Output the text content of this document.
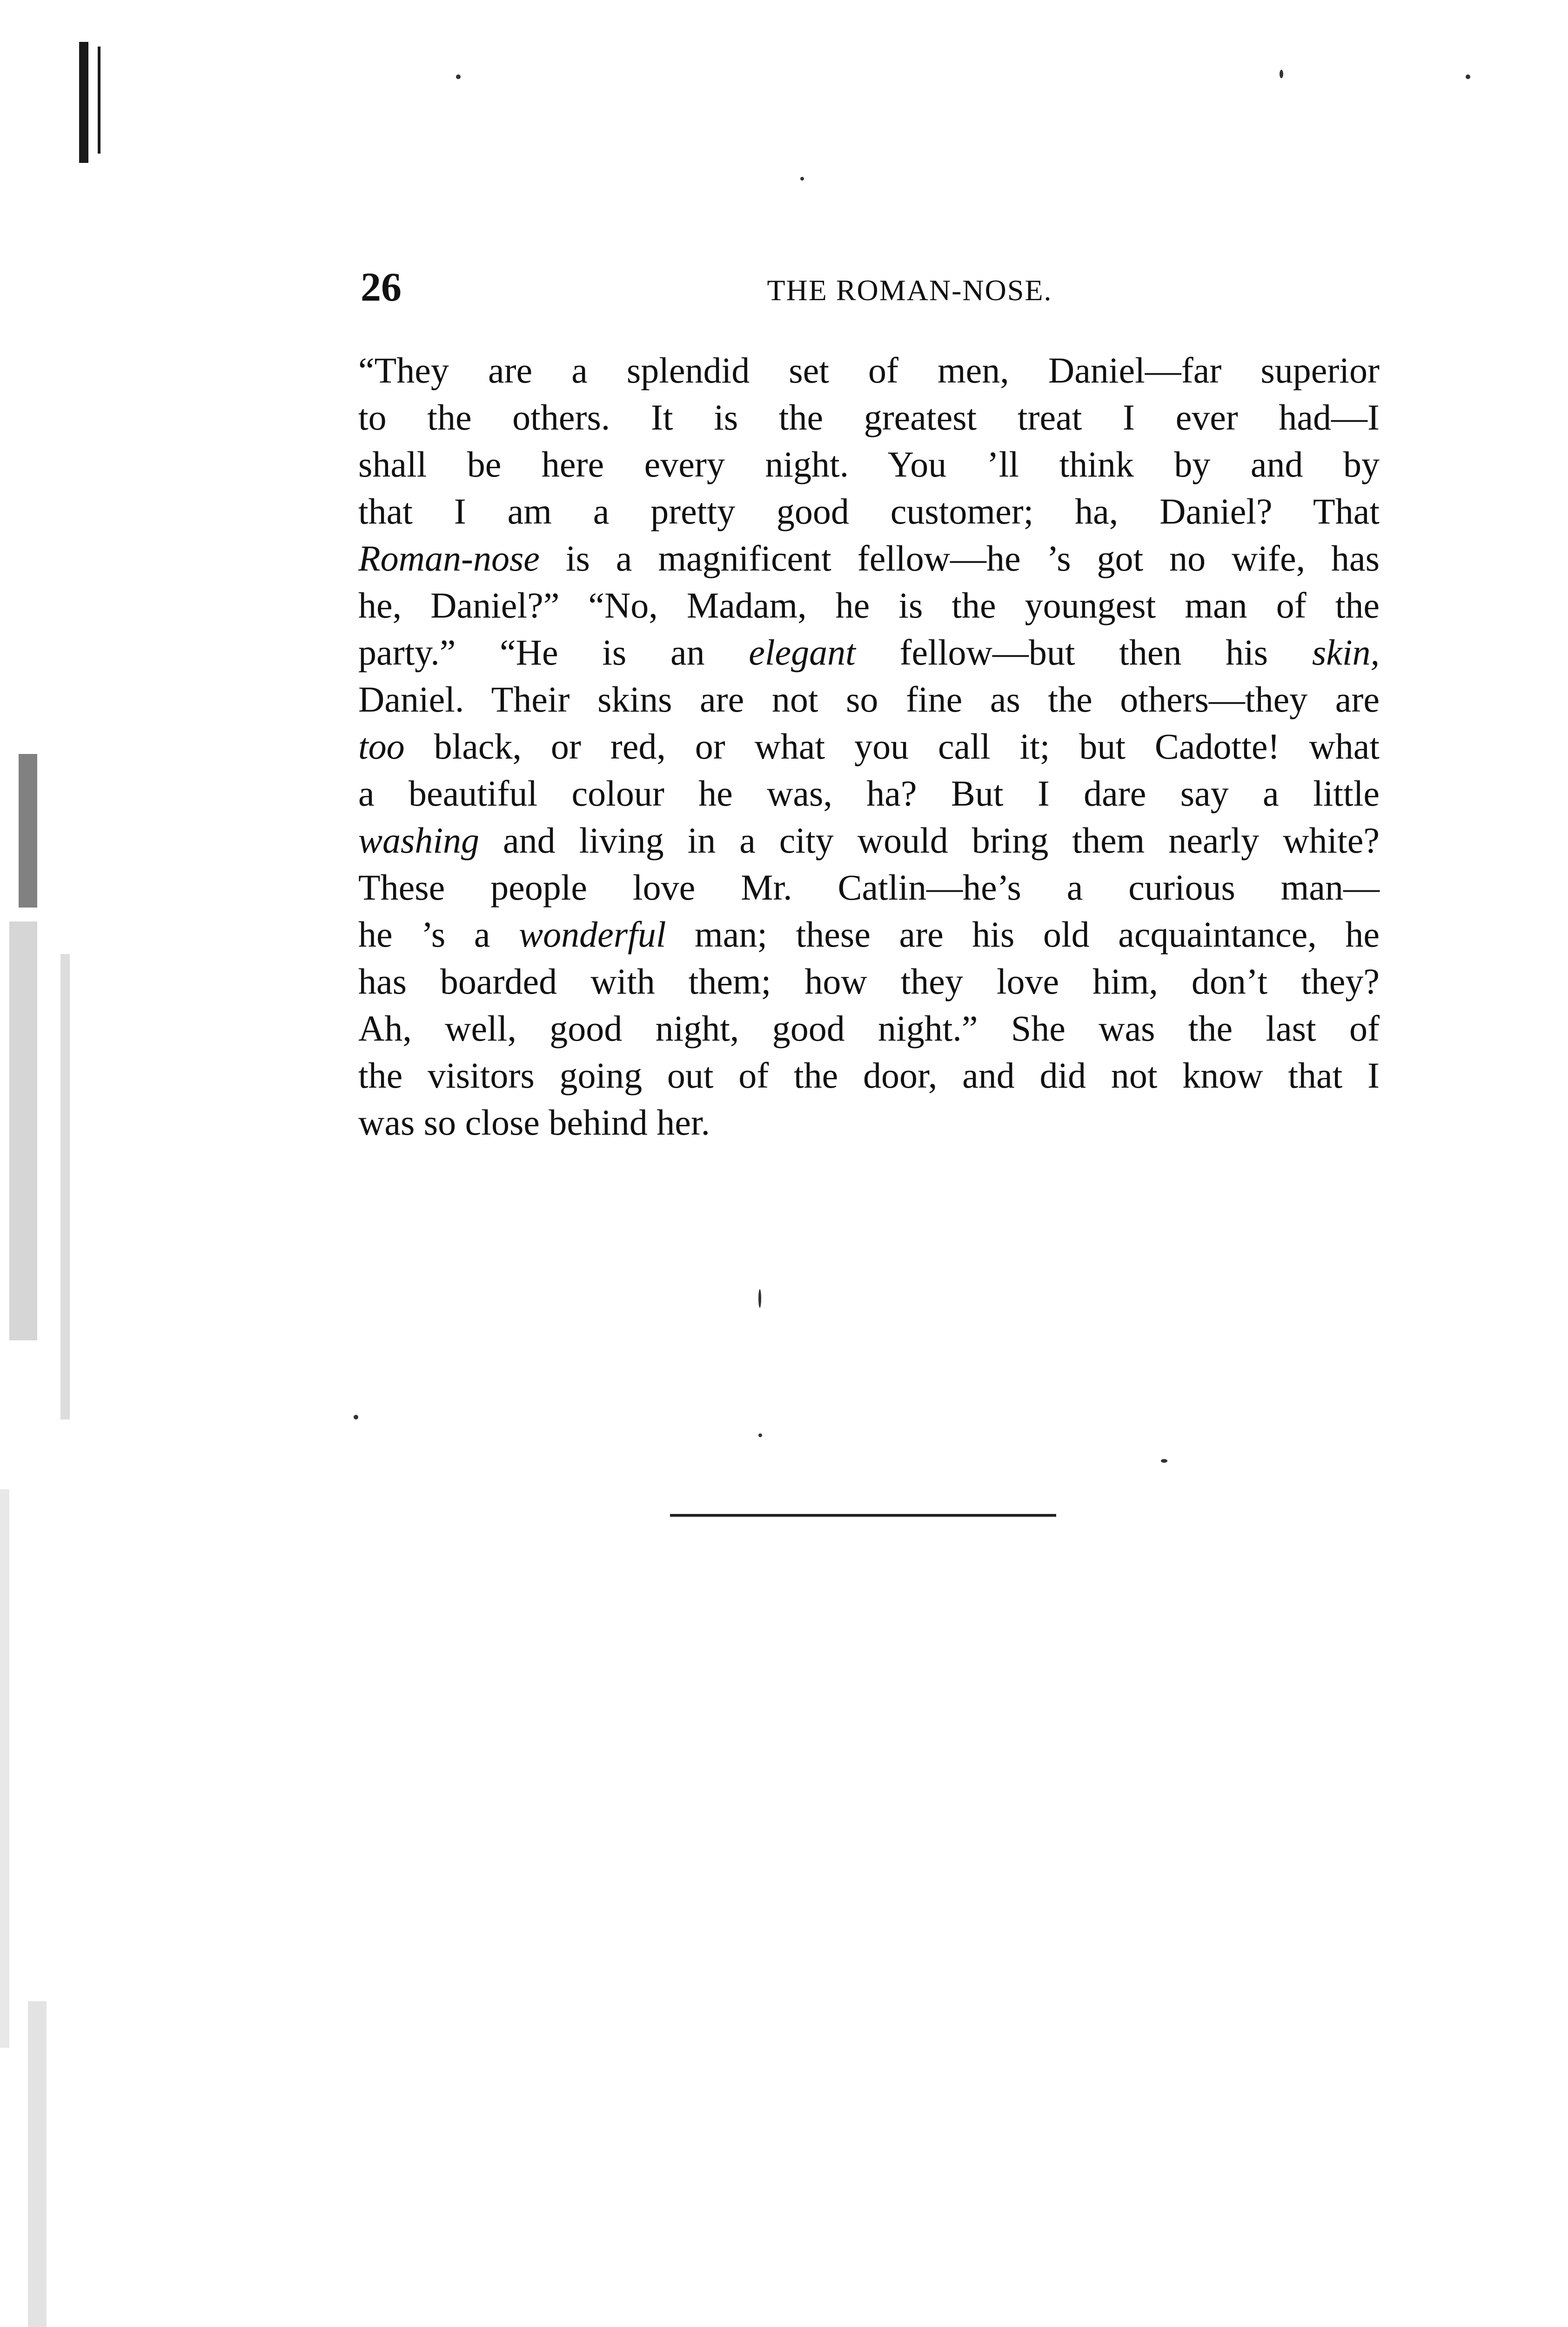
26	THE ROMAN-NOSE.
“They are a splendid set of men, Daniel—far superior
to the others. It is the greatest treat I ever had—I
shall be here every night. You ’ll think by and by
that I am a pretty good customer; ha, Daniel? That
Roman-nose is a magnificent fellow—he ’s got no wife, has
he, Daniel?” “No, Madam, he is the youngest man of the
party.” “He is an elegant fellow—but then his skin,
Daniel. Their skins are not so fine as the others—they are
too black, or red, or what you call it; but Cadotte! what
a beautiful colour he was, ha? But I dare say a little
washing and living in a city would bring them nearly white?
These people love Mr. Catlin—he’s a curious man—
he ’s a wonderful man; these are his old acquaintance, he
has boarded with them; how they love him, don’t they?
Ah, well, good night, good night.” She was the last of
the visitors going out of the door, and did not know that I
was so close behind her.
